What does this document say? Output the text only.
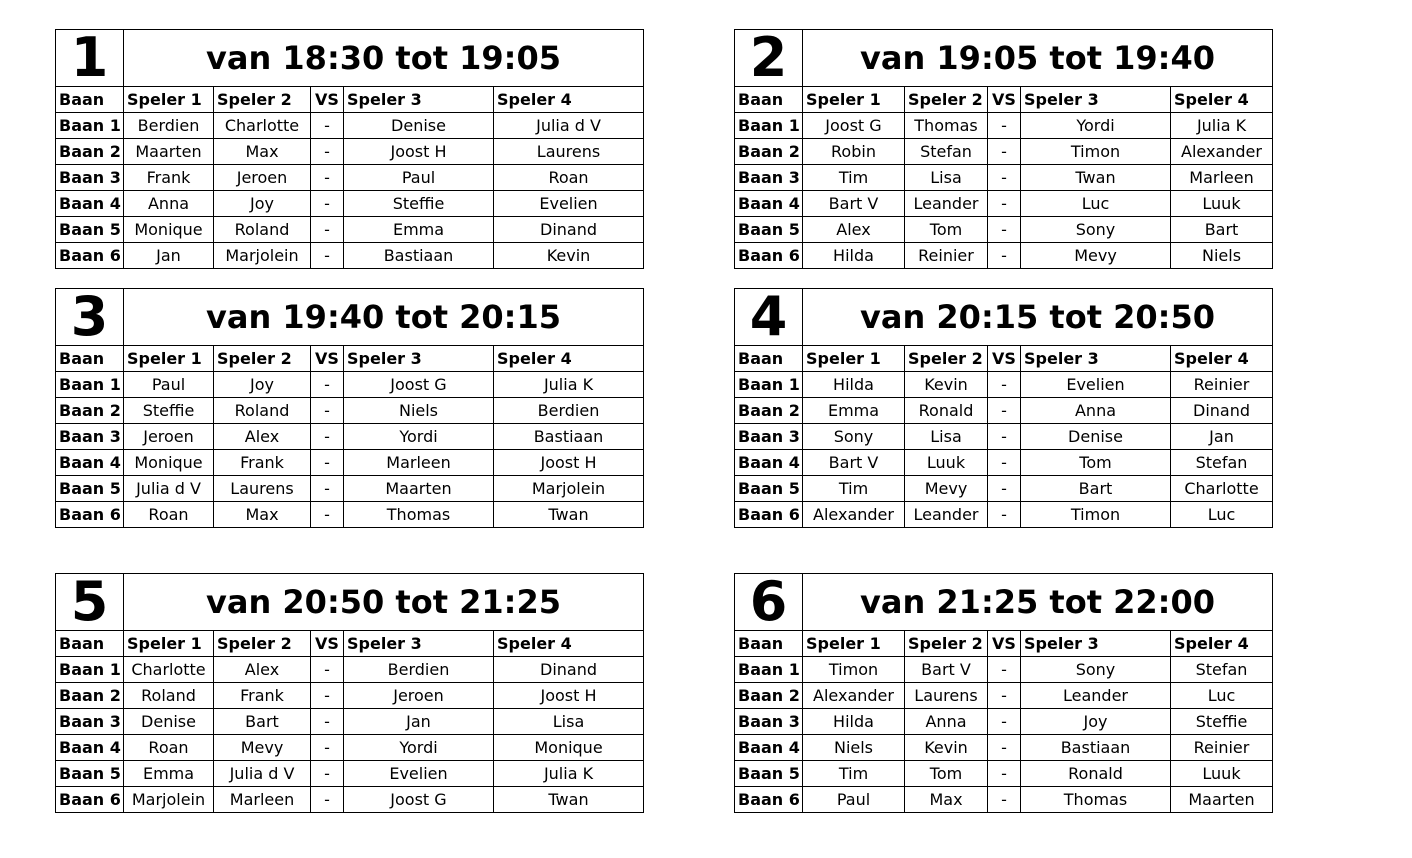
1	van 18:30 tot 19:05				
Baan	Speler 1	Speler 2	VS	Speler 3	Speler 4
Baan 1	Berdien	Charlotte	-	Denise	Julia d V
Baan 2	Maarten	Max	-	Joost H	Laurens
Baan 3	Frank	Jeroen	-	Paul	Roan
Baan 4	Anna	Joy	-	Steffie	Evelien
Baan 5	Monique	Roland	-	Emma	Dinand
Baan 6	Jan	Marjolein	-	Bastiaan	Kevin
2	van 19:05 tot 19:40				
Baan	Speler 1	Speler 2	VS	Speler 3	Speler 4
Baan 1	Joost G	Thomas	-	Yordi	Julia K
Baan 2	Robin	Stefan	-	Timon	Alexander
Baan 3	Tim	Lisa	-	Twan	Marleen
Baan 4	Bart V	Leander	-	Luc	Luuk
Baan 5	Alex	Tom	-	Sony	Bart
Baan 6	Hilda	Reinier	-	Mevy	Niels
3	van 19:40 tot 20:15				
Baan	Speler 1	Speler 2	VS	Speler 3	Speler 4
Baan 1	Paul	Joy	-	Joost G	Julia K
Baan 2	Steffie	Roland	-	Niels	Berdien
Baan 3	Jeroen	Alex	-	Yordi	Bastiaan
Baan 4	Monique	Frank	-	Marleen	Joost H
Baan 5	Julia d V	Laurens	-	Maarten	Marjolein
Baan 6	Roan	Max	-	Thomas	Twan
4	van 20:15 tot 20:50				
Baan	Speler 1	Speler 2	VS	Speler 3	Speler 4
Baan 1	Hilda	Kevin	-	Evelien	Reinier
Baan 2	Emma	Ronald	-	Anna	Dinand
Baan 3	Sony	Lisa	-	Denise	Jan
Baan 4	Bart V	Luuk	-	Tom	Stefan
Baan 5	Tim	Mevy	-	Bart	Charlotte
Baan 6	Alexander	Leander	-	Timon	Luc
5	van 20:50 tot 21:25				
Baan	Speler 1	Speler 2	VS	Speler 3	Speler 4
Baan 1	Charlotte	Alex	-	Berdien	Dinand
Baan 2	Roland	Frank	-	Jeroen	Joost H
Baan 3	Denise	Bart	-	Jan	Lisa
Baan 4	Roan	Mevy	-	Yordi	Monique
Baan 5	Emma	Julia d V	-	Evelien	Julia K
Baan 6	Marjolein	Marleen	-	Joost G	Twan
6	van 21:25 tot 22:00				
Baan	Speler 1	Speler 2	VS	Speler 3	Speler 4
Baan 1	Timon	Bart V	-	Sony	Stefan
Baan 2	Alexander	Laurens	-	Leander	Luc
Baan 3	Hilda	Anna	-	Joy	Steffie
Baan 4	Niels	Kevin	-	Bastiaan	Reinier
Baan 5	Tim	Tom	-	Ronald	Luuk
Baan 6	Paul	Max	-	Thomas	Maarten
